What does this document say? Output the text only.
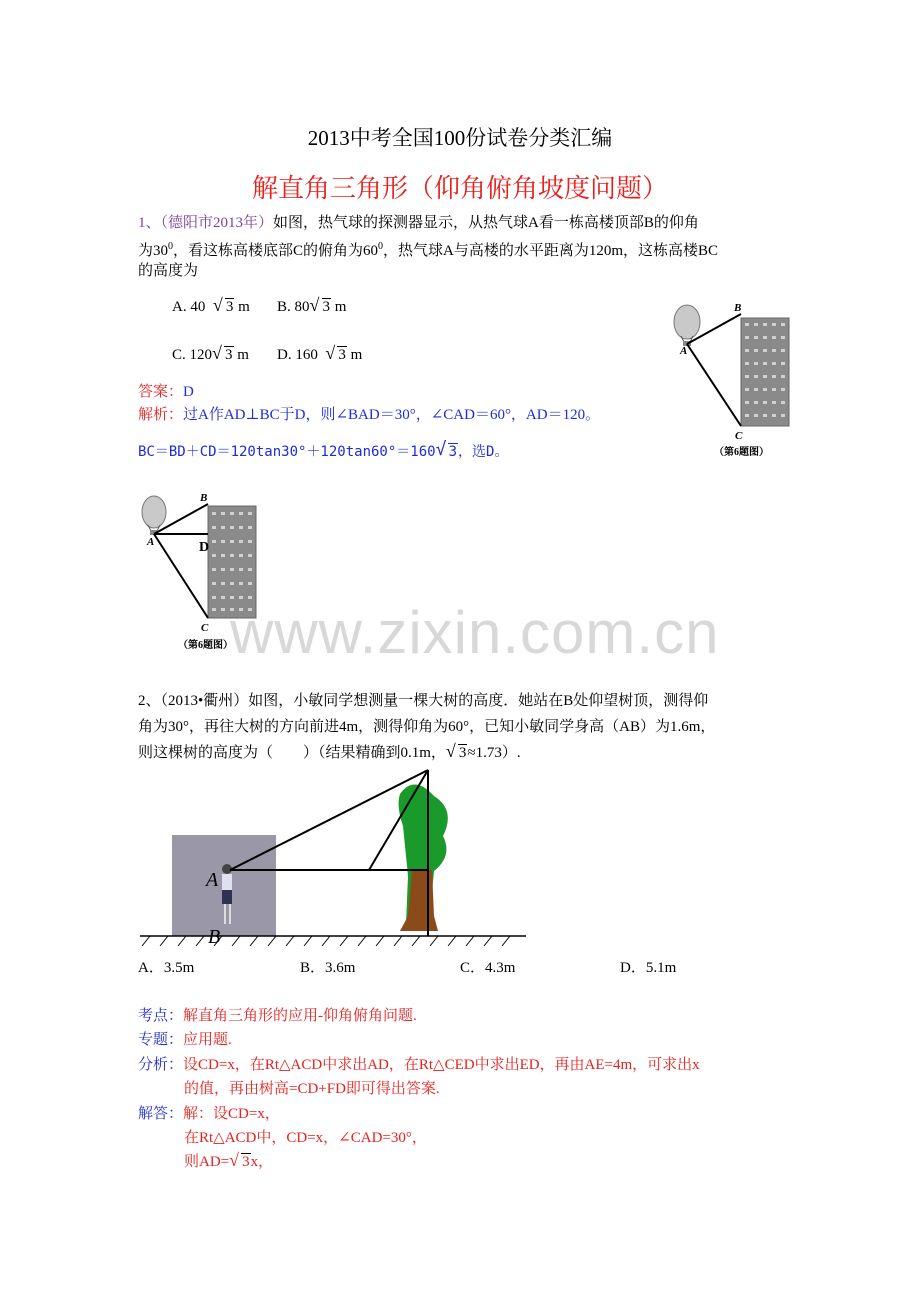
2013中考全国100份试卷分类汇编
解直角三角形（仰角俯角坡度问题）
1、（德阳市2013年）如图，热气球的探测器显示，从热气球A看一栋高楼顶部B的仰角
为$30^0$，看这栋高楼底部C的俯角为$60^0$，热气球A与高楼的水平距离为120m，这栋高楼BC
的高度为
A. 40 √ 3 m B. 80 √ 3 m
C. 120 √ 3 m D. 160 √ 3 m
答案：D
解析：过A作AD⊥BC于D，则∠BAD＝30°，∠CAD＝60°，AD＝120。
BC＝BD＋CD＝120tan30°＋120tan60°＝160 √ 3，选D。
A
B
C
（第6题图）
A
B
D
C
（第6题图）
www.zixin.com.cn
2、（2013•衢州）如图，小敏同学想测量一棵大树的高度．她站在B处仰望树顶，测得仰
角为30°，再往大树的方向前进4m，测得仰角为60°，已知小敏同学身高（AB）为1.6m，
则这棵树的高度为（　　）（结果精确到0.1m， √ 3≈1.73）.
A
B
A．3.5m	B．3.6m	C．4.3m	D．5.1m
考点：解直角三角形的应用-仰角俯角问题.
专题：应用题.
分析：设CD=x，在Rt△ACD中求出AD，在Rt△CED中求出ED，再由AE=4m，可求出x
的值，再由树高=CD+FD即可得出答案.
解答：解：设CD=x，
在Rt△ACD中，CD=x，∠CAD=30°，
则AD= √ 3x，
